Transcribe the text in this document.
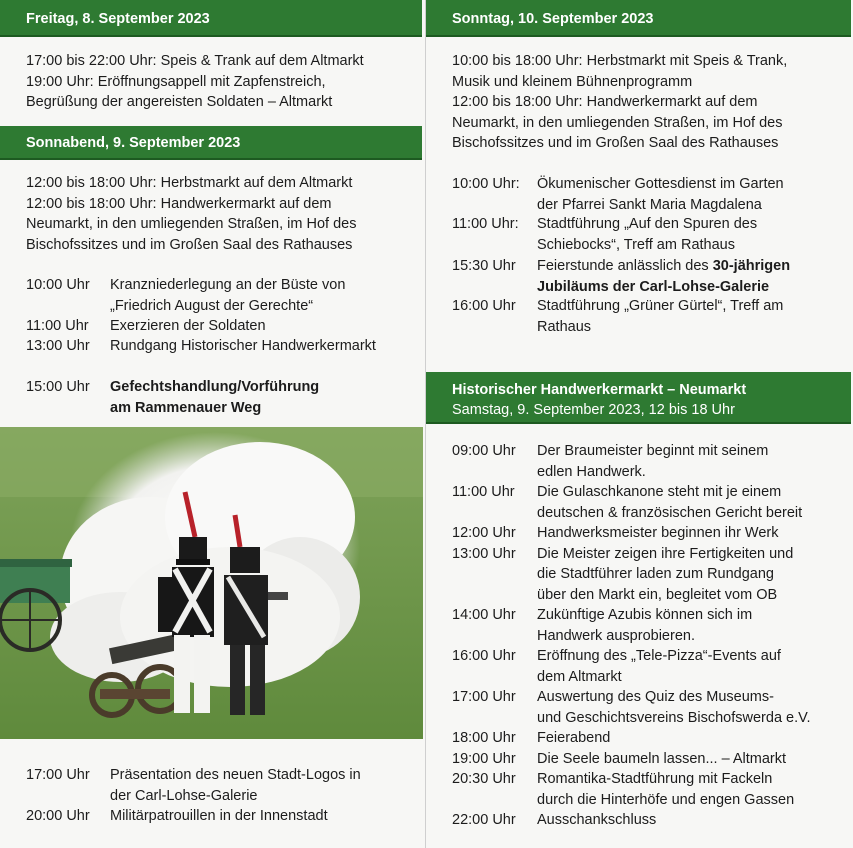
Freitag, 8. September 2023
17:00 bis 22:00 Uhr: Speis & Trank auf dem Altmarkt
19:00 Uhr: Eröffnungsappell mit Zapfenstreich,
Begrüßung der angereisten Soldaten – Altmarkt
Sonnabend, 9. September 2023
12:00 bis 18:00 Uhr: Herbstmarkt auf dem Altmarkt
12:00 bis 18:00 Uhr: Handwerkermarkt auf dem
Neumarkt, in den umliegenden Straßen, im Hof des
Bischofssitzes und im Großen Saal des Rathauses
10:00 Uhr Kranzniederlegung an der Büste von
„Friedrich August der Gerechte“
11:00 Uhr Exerzieren der Soldaten
13:00 Uhr Rundgang Historischer Handwerkermarkt
15:00 Uhr Gefechtshandlung/Vorführung
am Rammenauer Weg
17:00 Uhr Präsentation des neuen Stadt-Logos in
der Carl-Lohse-Galerie
20:00 Uhr Militärpatrouillen in der Innenstadt
Sonntag, 10. September 2023
10:00 bis 18:00 Uhr: Herbstmarkt mit Speis & Trank,
Musik und kleinem Bühnenprogramm
12:00 bis 18:00 Uhr: Handwerkermarkt auf dem
Neumarkt, in den umliegenden Straßen, im Hof des
Bischofssitzes und im Großen Saal des Rathauses
10:00 Uhr: Ökumenischer Gottesdienst im Garten
der Pfarrei Sankt Maria Magdalena
11:00 Uhr: Stadtführung „Auf den Spuren des
Schiebocks“, Treff am Rathaus
15:30 Uhr Feierstunde anlässlich des 30-jährigen
Jubiläums der Carl-Lohse-Galerie
16:00 Uhr Stadtführung „Grüner Gürtel“, Treff am
Rathaus
Historischer Handwerkermarkt – Neumarkt
Samstag, 9. September 2023, 12 bis 18 Uhr
09:00 Uhr Der Braumeister beginnt mit seinem
edlen Handwerk.
11:00 Uhr Die Gulaschkanone steht mit je einem
deutschen & französischen Gericht bereit
12:00 Uhr Handwerksmeister beginnen ihr Werk
13:00 Uhr Die Meister zeigen ihre Fertigkeiten und
die Stadtführer laden zum Rundgang
über den Markt ein, begleitet vom OB
14:00 Uhr Zukünftige Azubis können sich im
Handwerk ausprobieren.
16:00 Uhr Eröffnung des „Tele-Pizza“-Events auf
dem Altmarkt
17:00 Uhr Auswertung des Quiz des Museums-
und Geschichtsvereins Bischofswerda e.V.
18:00 Uhr Feierabend
19:00 Uhr Die Seele baumeln lassen... – Altmarkt
20:30 Uhr Romantika-Stadtführung mit Fackeln
durch die Hinterhöfe und engen Gassen
22:00 Uhr Ausschankschluss
